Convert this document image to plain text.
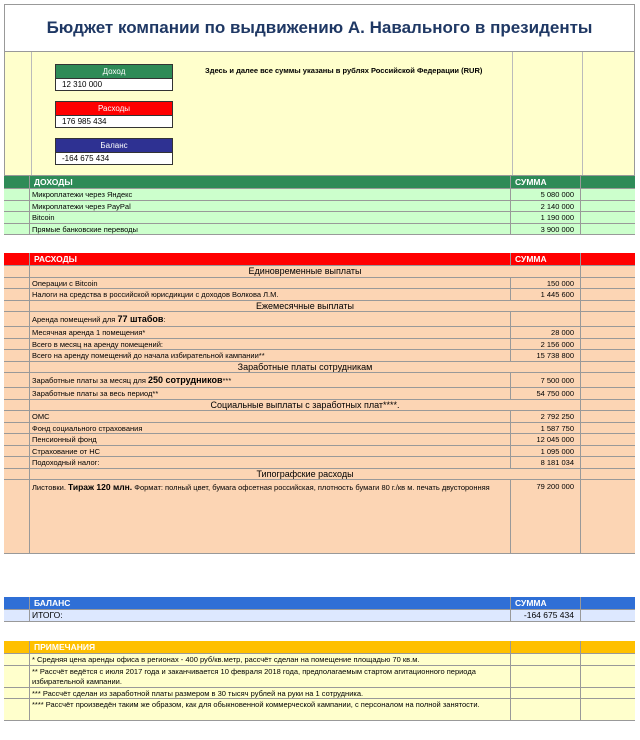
Бюджет компании по выдвижению А. Навального в президенты
Доход
12 310 000
Расходы
176 985 434
Баланс
-164 675 434
Здесь и далее все суммы указаны в рублях Российской Федерации (RUR)
ДОХОДЫ	СУММА
Микроплатежи через Яндекс	5 080 000
Микроплатежи через PayPal	2 140 000
Bitcoin	1 190 000
Прямые банковские переводы	3 900 000
РАСХОДЫ	СУММА
Единовременные выплаты
Операции с Bitcoin	150 000
Налоги на средства в российской юрисдикции с доходов Волкова Л.М.	1 445 600
Ежемесячные выплаты
Аренда помещений для 77 штабов:
Месячная аренда 1 помещения*	28 000
Всего в месяц на аренду помещений:	2 156 000
Всего на аренду помещений до начала избирательной кампании**	15 738 800
Заработные платы сотрудникам
Заработные платы за месяц для 250 сотрудников***	7 500 000
Заработные платы за весь период**	54 750 000
Социальные выплаты с заработных плат****.
ОМС	2 792 250
Фонд социального страхования	1 587 750
Пенсионный фонд	12 045 000
Страхование от НС	1 095 000
Подоходный налог:	8 181 034
Типографские расходы
Листовки. Тираж 120 млн. Формат: полный цвет, бумага офсетная российская, плотность бумаги 80 г./кв м. печать двусторонняя	79 200 000
БАЛАНС	СУММА
ИТОГО:	-164 675 434
ПРИМЕЧАНИЯ
* Средняя цена аренды офиса в регионах - 400 руб/кв.метр, рассчёт сделан на помещение площадью 70 кв.м.
** Рассчёт ведётся с июля 2017 года и заканчивается 10 февраля 2018 года, предполагаемым стартом агитационного периода избирательной кампании.
*** Рассчёт сделан из заработной платы размером в 30 тысяч рублей на руки на 1 сотрудника.
**** Рассчёт произведён таким же образом, как для обыкновенной коммерческой кампании, с персоналом на полной занятости.
